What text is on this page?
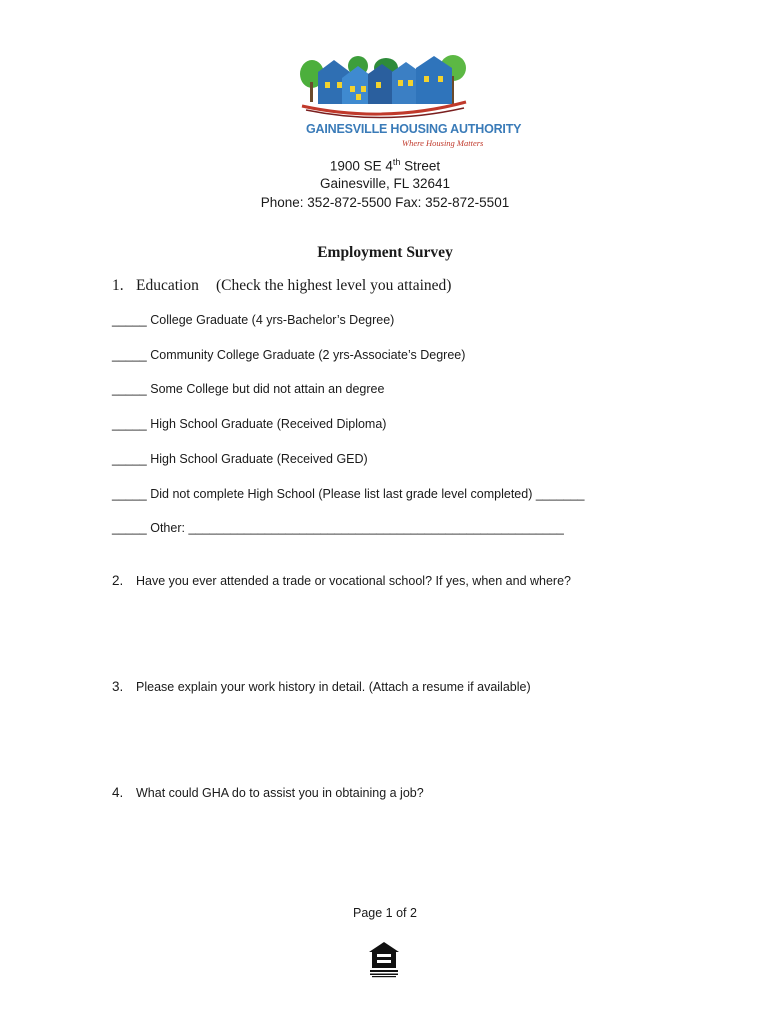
GAINESVILLE HOUSING AUTHORITY
Where Housing Matters
1900 SE 4th Street
Gainesville, FL 32641
Phone: 352-872-5500 Fax: 352-872-5501
Employment Survey
1. Education (Check the highest level you attained)
_____ College Graduate (4 yrs-Bachelor’s Degree)
_____ Community College Graduate (2 yrs-Associate’s Degree)
_____ Some College but did not attain an degree
_____ High School Graduate (Received Diploma)
_____ High School Graduate (Received GED)
_____ Did not complete High School (Please list last grade level completed) _______
_____ Other: ______________________________________________________
2. Have you ever attended a trade or vocational school? If yes, when and where?
3. Please explain your work history in detail. (Attach a resume if available)
4. What could GHA do to assist you in obtaining a job?
Page 1 of 2
